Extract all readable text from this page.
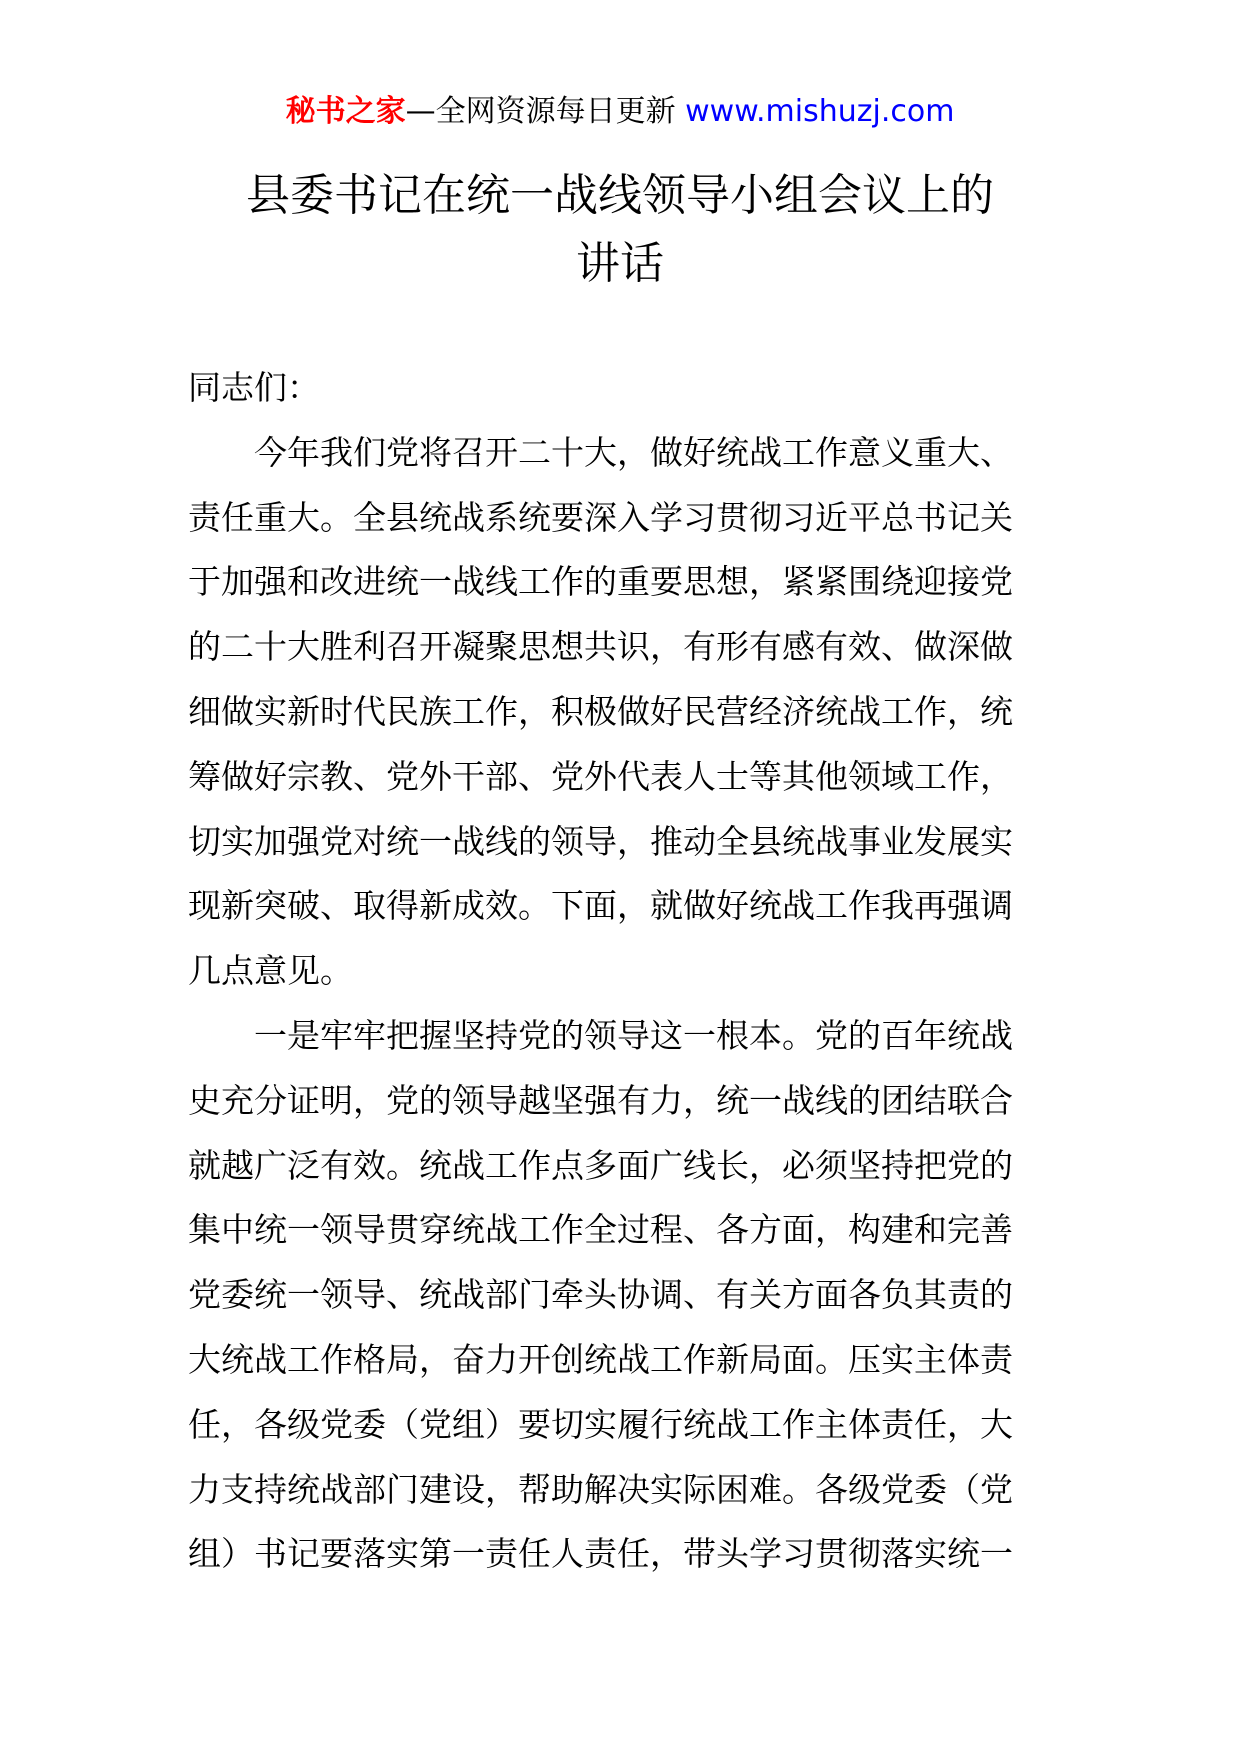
秘书之家—全网资源每日更新 www.mishuzj.com
县委书记在统一战线领导小组会议上的
讲话

同志们：

　　今年我们党将召开二十大，做好统战工作意义重大、

责任重大。全县统战系统要深入学习贯彻习近平总书记关

于加强和改进统一战线工作的重要思想，紧紧围绕迎接党

的二十大胜利召开凝聚思想共识，有形有感有效、做深做

细做实新时代民族工作，积极做好民营经济统战工作，统

筹做好宗教、党外干部、党外代表人士等其他领域工作，

切实加强党对统一战线的领导，推动全县统战事业发展实

现新突破、取得新成效。下面，就做好统战工作我再强调

几点意见。

　　一是牢牢把握坚持党的领导这一根本。党的百年统战

史充分证明，党的领导越坚强有力，统一战线的团结联合

就越广泛有效。统战工作点多面广线长，必须坚持把党的

集中统一领导贯穿统战工作全过程、各方面，构建和完善

党委统一领导、统战部门牵头协调、有关方面各负其责的

大统战工作格局，奋力开创统战工作新局面。压实主体责

任，各级党委（党组）要切实履行统战工作主体责任，大

力支持统战部门建设，帮助解决实际困难。各级党委（党

组）书记要落实第一责任人责任，带头学习贯彻落实统一
